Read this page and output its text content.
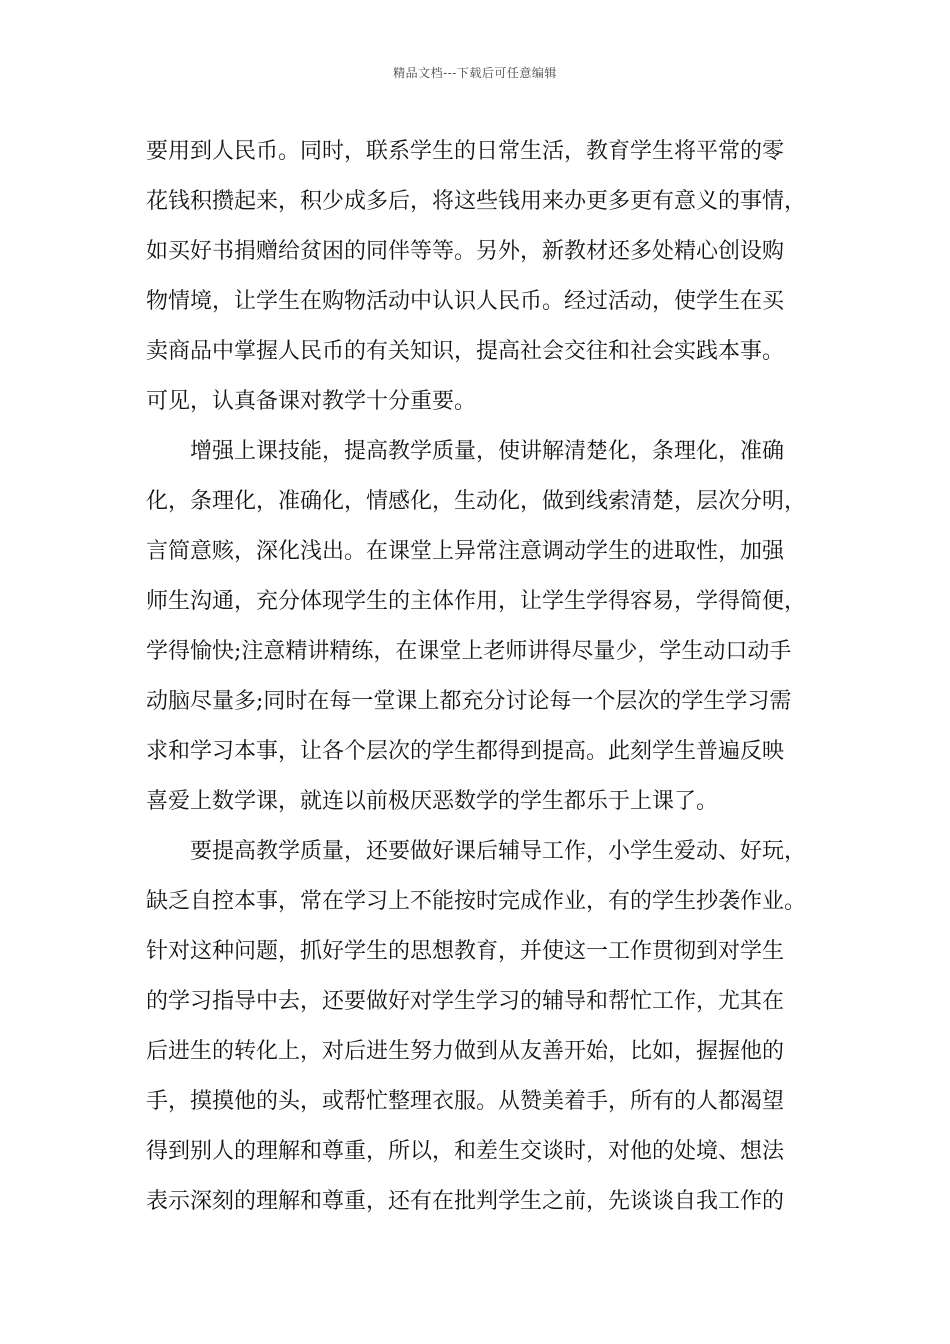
精品文档---下载后可任意编辑
要用到人民币。同时，联系学生的日常生活，教育学生将平常的零
花钱积攒起来，积少成多后，将这些钱用来办更多更有意义的事情，
如买好书捐赠给贫困的同伴等等。另外，新教材还多处精心创设购
物情境，让学生在购物活动中认识人民币。经过活动，使学生在买
卖商品中掌握人民币的有关知识，提高社会交往和社会实践本事。
可见，认真备课对教学十分重要。
增强上课技能，提高教学质量，使讲解清楚化，条理化，准确
化，条理化，准确化，情感化，生动化，做到线索清楚，层次分明，
言简意赅，深化浅出。在课堂上异常注意调动学生的进取性，加强
师生沟通，充分体现学生的主体作用，让学生学得容易，学得简便，
学得愉快;注意精讲精练，在课堂上老师讲得尽量少，学生动口动手
动脑尽量多;同时在每一堂课上都充分讨论每一个层次的学生学习需
求和学习本事，让各个层次的学生都得到提高。此刻学生普遍反映
喜爱上数学课，就连以前极厌恶数学的学生都乐于上课了。
要提高教学质量，还要做好课后辅导工作，小学生爱动、好玩，
缺乏自控本事，常在学习上不能按时完成作业，有的学生抄袭作业。
针对这种问题，抓好学生的思想教育，并使这一工作贯彻到对学生
的学习指导中去，还要做好对学生学习的辅导和帮忙工作，尤其在
后进生的转化上，对后进生努力做到从友善开始，比如，握握他的
手，摸摸他的头，或帮忙整理衣服。从赞美着手，所有的人都渴望
得到别人的理解和尊重，所以，和差生交谈时，对他的处境、想法
表示深刻的理解和尊重，还有在批判学生之前，先谈谈自我工作的
